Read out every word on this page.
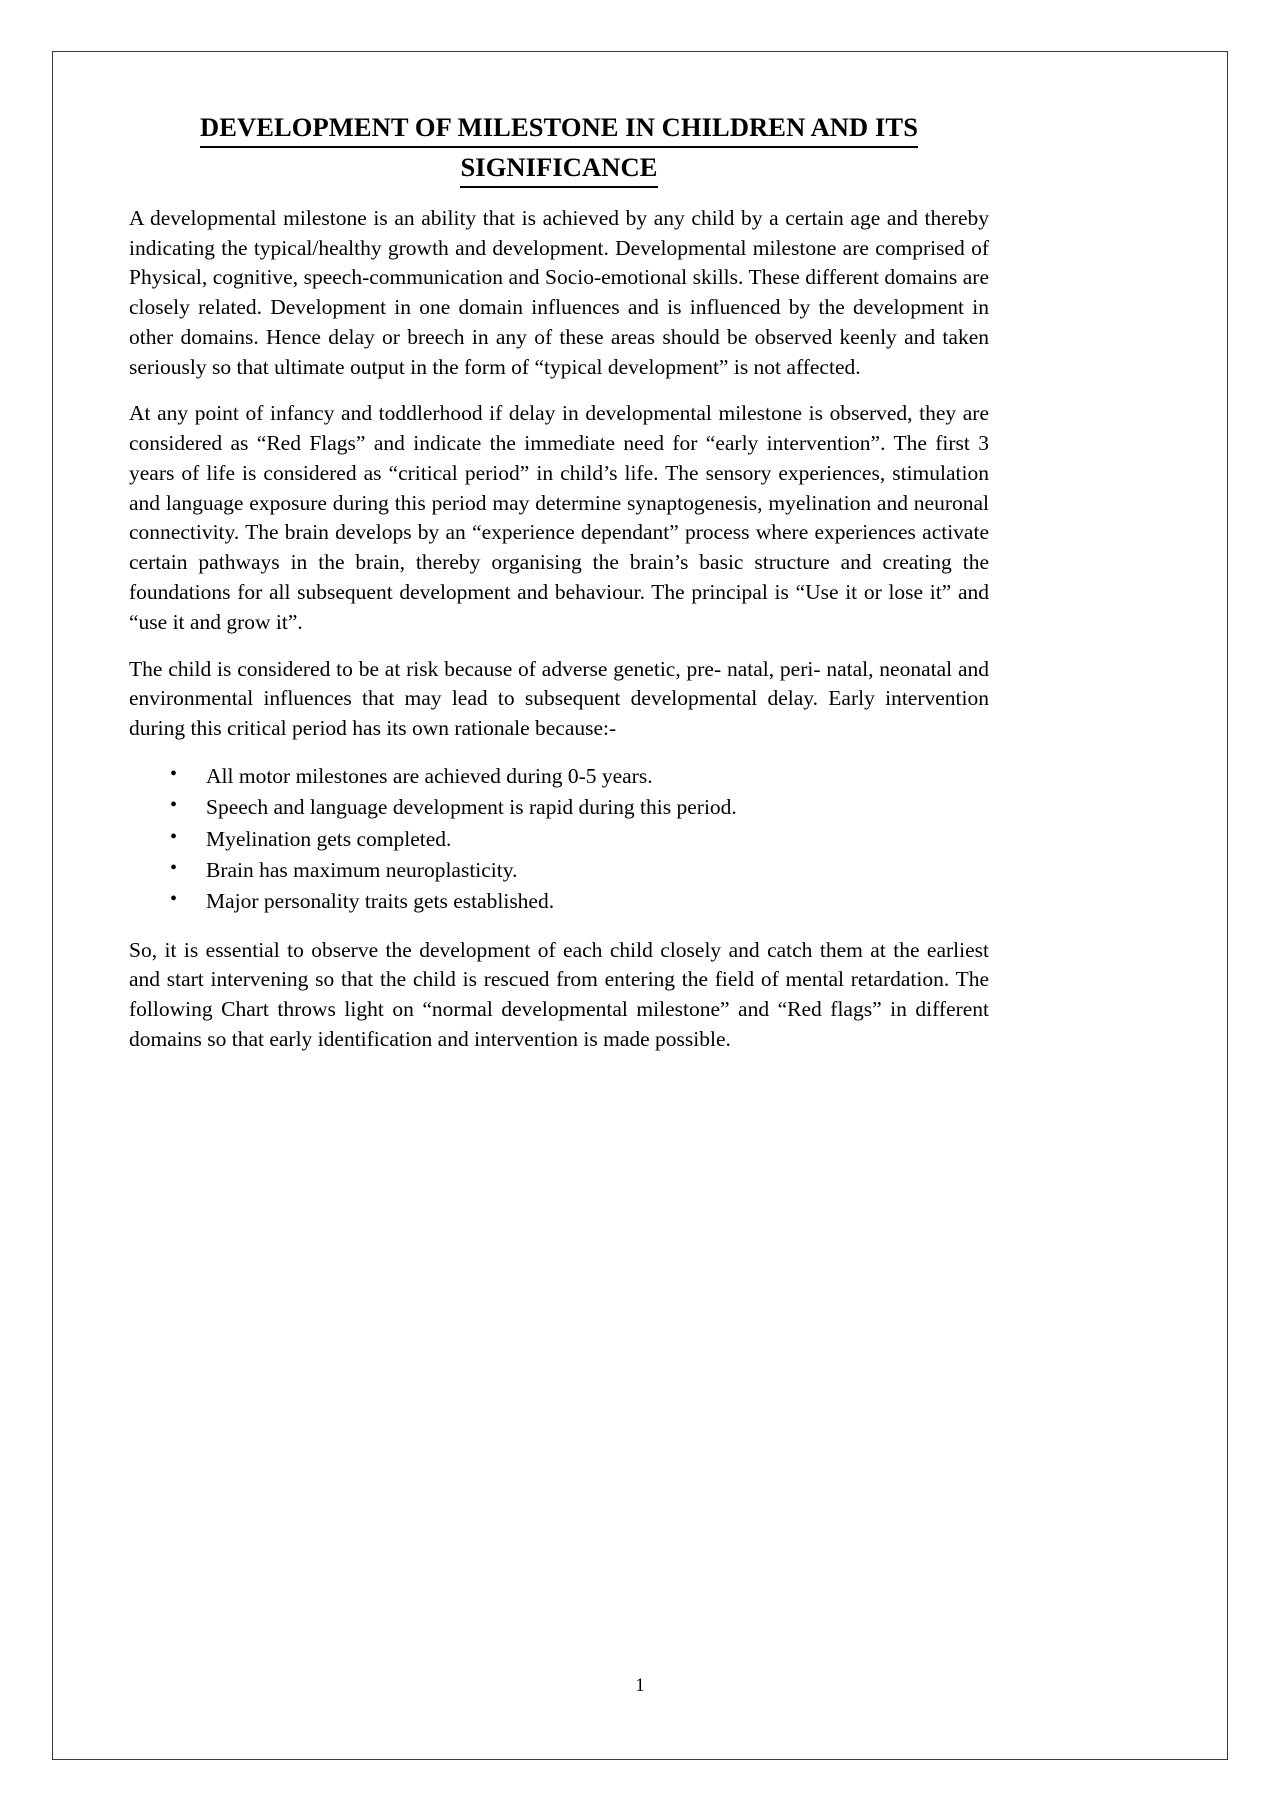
DEVELOPMENT OF MILESTONE IN CHILDREN AND ITS
SIGNIFICANCE

A developmental milestone is an ability that is achieved by any child by a certain age and thereby indicating the typical/healthy growth and development. Developmental milestone are comprised of Physical, cognitive, speech-communication and Socio-emotional skills. These different domains are closely related. Development in one domain influences and is influenced by the development in other domains. Hence delay or breech in any of these areas should be observed keenly and taken seriously so that ultimate output in the form of “typical development” is not affected.

At any point of infancy and toddlerhood if delay in developmental milestone is observed, they are considered as “Red Flags” and indicate the immediate need for “early intervention”. The first 3 years of life is considered as “critical period” in child’s life. The sensory experiences, stimulation and language exposure during this period may determine synaptogenesis, myelination and neuronal connectivity. The brain develops by an “experience dependant” process where experiences activate certain pathways in the brain, thereby organising the brain’s basic structure and creating the foundations for all subsequent development and behaviour. The principal is “Use it or lose it” and “use it and grow it”.

The child is considered to be at risk because of adverse genetic, pre- natal, peri- natal, neonatal and environmental influences that may lead to subsequent developmental delay. Early intervention during this critical period has its own rationale because:-

• All motor milestones are achieved during 0-5 years.
• Speech and language development is rapid during this period.
• Myelination gets completed.
• Brain has maximum neuroplasticity.
• Major personality traits gets established.

So, it is essential to observe the development of each child closely and catch them at the earliest and start intervening so that the child is rescued from entering the field of mental retardation. The following Chart throws light on “normal developmental milestone” and “Red flags” in different domains so that early identification and intervention is made possible.

1
